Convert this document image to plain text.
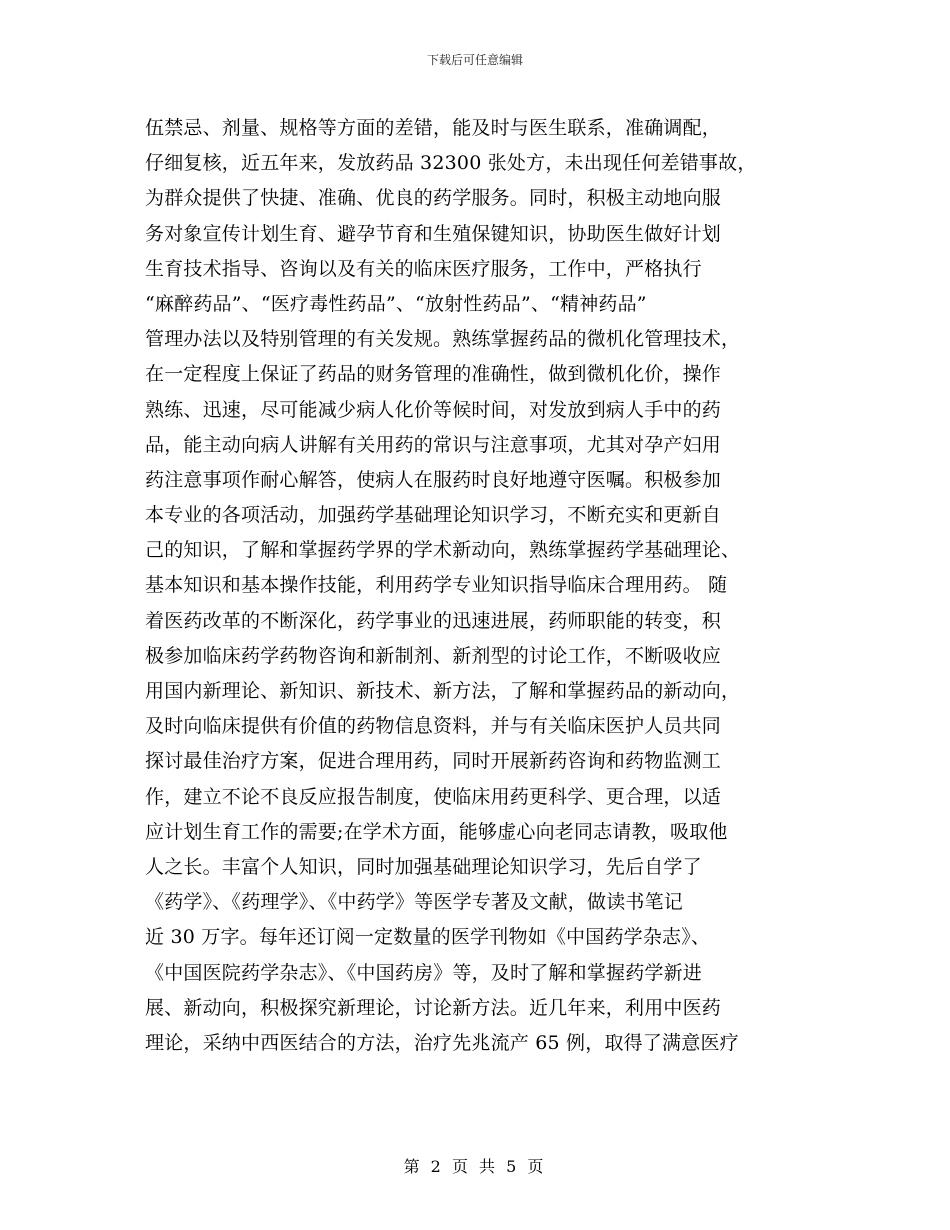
下载后可任意编辑
伍禁忌、剂量、规格等方面的差错，能及时与医生联系，准确调配，
仔细复核，近五年来，发放药品 32300 张处方，未出现任何差错事故，
为群众提供了快捷、准确、优良的药学服务。同时，积极主动地向服
务对象宣传计划生育、避孕节育和生殖保键知识，协助医生做好计划
生育技术指导、咨询以及有关的临床医疗服务，工作中，严格执行
“麻醉药品”、“医疗毒性药品”、“放射性药品”、“精神药品”
管理办法以及特别管理的有关发规。熟练掌握药品的微机化管理技术，
在一定程度上保证了药品的财务管理的准确性，做到微机化价，操作
熟练、迅速，尽可能减少病人化价等候时间，对发放到病人手中的药
品，能主动向病人讲解有关用药的常识与注意事项，尤其对孕产妇用
药注意事项作耐心解答，使病人在服药时良好地遵守医嘱。积极参加
本专业的各项活动，加强药学基础理论知识学习，不断充实和更新自
己的知识，了解和掌握药学界的学术新动向，熟练掌握药学基础理论、
基本知识和基本操作技能，利用药学专业知识指导临床合理用药。 随
着医药改革的不断深化，药学事业的迅速进展，药师职能的转变，积
极参加临床药学药物咨询和新制剂、新剂型的讨论工作，不断吸收应
用国内新理论、新知识、新技术、新方法，了解和掌握药品的新动向，
及时向临床提供有价值的药物信息资料，并与有关临床医护人员共同
探讨最佳治疗方案，促进合理用药，同时开展新药咨询和药物监测工
作，建立不论不良反应报告制度，使临床用药更科学、更合理，以适
应计划生育工作的需要;在学术方面，能够虚心向老同志请教，吸取他
人之长。丰富个人知识，同时加强基础理论知识学习，先后自学了
《药学》、《药理学》、《中药学》等医学专著及文献，做读书笔记
近 30 万字。每年还订阅一定数量的医学刊物如《中国药学杂志》、
《中国医院药学杂志》、《中国药房》等，及时了解和掌握药学新进
展、新动向，积极探究新理论，讨论新方法。近几年来，利用中医药
理论，采纳中西医结合的方法，治疗先兆流产 65 例，取得了满意医疗
第 2 页 共 5 页
